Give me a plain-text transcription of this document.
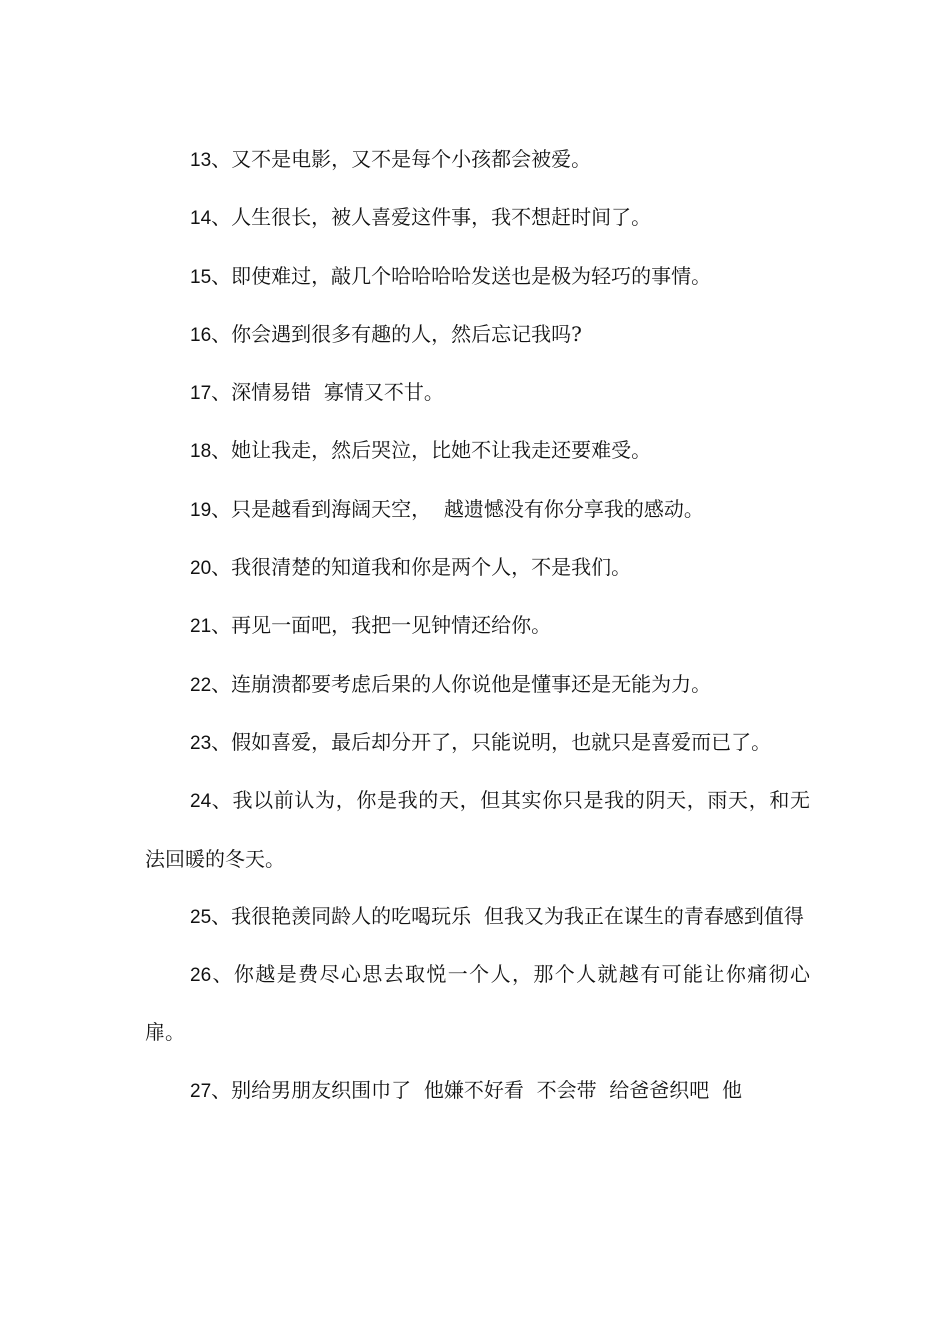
13、又不是电影，又不是每个小孩都会被爱。

14、人生很长，被人喜爱这件事，我不想赶时间了。

15、即使难过，敲几个哈哈哈哈发送也是极为轻巧的事情。

16、你会遇到很多有趣的人，然后忘记我吗?

17、深情易错  寡情又不甘。

18、她让我走，然后哭泣，比她不让我走还要难受。

19、只是越看到海阔天空，  越遗憾没有你分享我的感动。

20、我很清楚的知道我和你是两个人，不是我们。

21、再见一面吧，我把一见钟情还给你。

22、连崩溃都要考虑后果的人你说他是懂事还是无能为力。

23、假如喜爱，最后却分开了，只能说明，也就只是喜爱而已了。

24、我以前认为，你是我的天，但其实你只是我的阴天，雨天，和无法回暖的冬天。

25、我很艳羡同龄人的吃喝玩乐  但我又为我正在谋生的青春感到值得

26、你越是费尽心思去取悦一个人，那个人就越有可能让你痛彻心扉。

27、别给男朋友织围巾了  他嫌不好看  不会带  给爸爸织吧  他
